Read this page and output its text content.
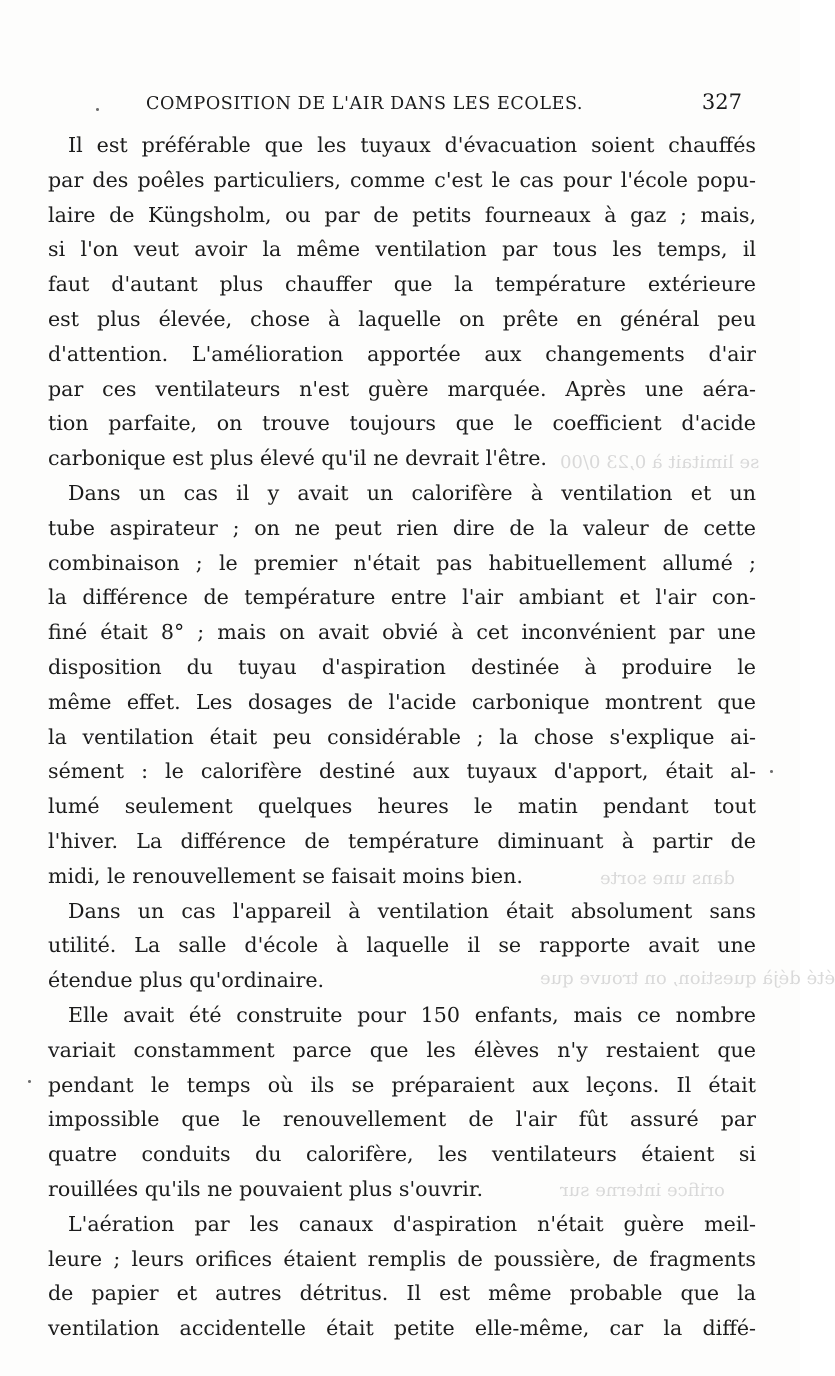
se limitait à 0,23 0/00
dans une sorte
été déjà question, on trouve que
orifice interne sur
COMPOSITION DE L'AIR DANS LES ECOLES.	327
Il est préférable que les tuyaux d'évacuation soient chauffés
par des poêles particuliers, comme c'est le cas pour l'école popu-
laire de Küngsholm, ou par de petits fourneaux à gaz ; mais,
si l'on veut avoir la même ventilation par tous les temps, il
faut d'autant plus chauffer que la température extérieure
est plus élevée, chose à laquelle on prête en général peu
d'attention. L'amélioration apportée aux changements d'air
par ces ventilateurs n'est guère marquée. Après une aéra-
tion parfaite, on trouve toujours que le coefficient d'acide
carbonique est plus élevé qu'il ne devrait l'être.
Dans un cas il y avait un calorifère à ventilation et un
tube aspirateur ; on ne peut rien dire de la valeur de cette
combinaison ; le premier n'était pas habituellement allumé ;
la différence de température entre l'air ambiant et l'air con-
finé était 8° ; mais on avait obvié à cet inconvénient par une
disposition du tuyau d'aspiration destinée à produire le
même effet. Les dosages de l'acide carbonique montrent que
la ventilation était peu considérable ; la chose s'explique ai-
sément : le calorifère destiné aux tuyaux d'apport, était al-
lumé seulement quelques heures le matin pendant tout
l'hiver. La différence de température diminuant à partir de
midi, le renouvellement se faisait moins bien.
Dans un cas l'appareil à ventilation était absolument sans
utilité. La salle d'école à laquelle il se rapporte avait une
étendue plus qu'ordinaire.
Elle avait été construite pour 150 enfants, mais ce nombre
variait constamment parce que les élèves n'y restaient que
pendant le temps où ils se préparaient aux leçons. Il était
impossible que le renouvellement de l'air fût assuré par
quatre conduits du calorifère, les ventilateurs étaient si
rouillées qu'ils ne pouvaient plus s'ouvrir.
L'aération par les canaux d'aspiration n'était guère meil-
leure ; leurs orifices étaient remplis de poussière, de fragments
de papier et autres détritus. Il est même probable que la
ventilation accidentelle était petite elle-même, car la diffé-
